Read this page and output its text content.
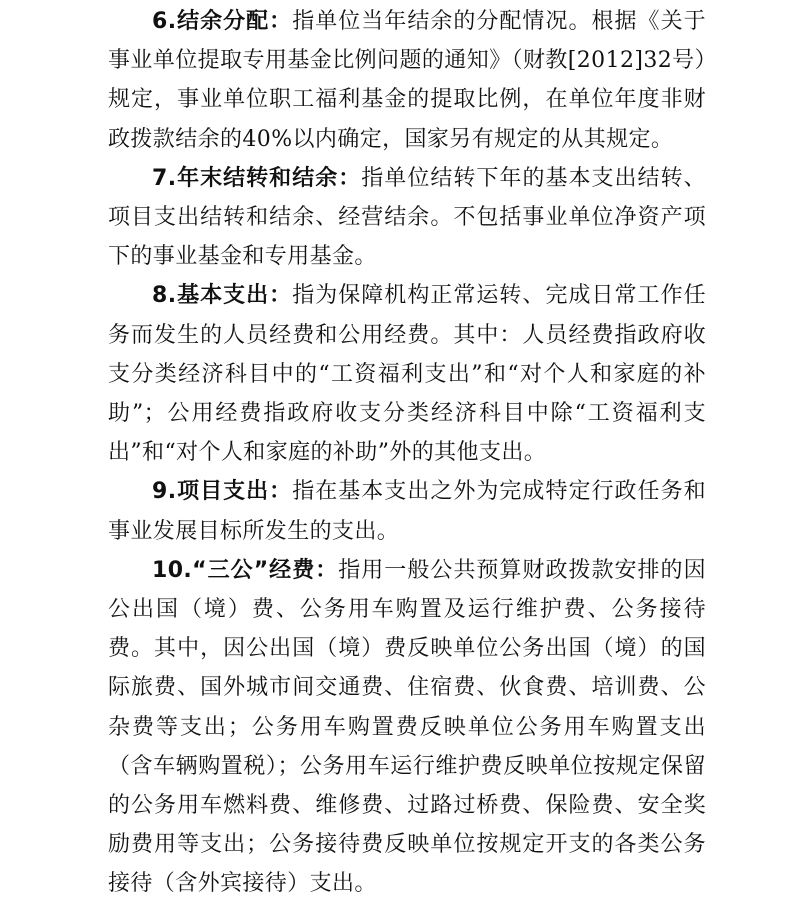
6.结余分配：指单位当年结余的分配情况。根据《关于事业单位提取专用基金比例问题的通知》（财教[2012]32号）规定，事业单位职工福利基金的提取比例，在单位年度非财政拨款结余的40%以内确定，国家另有规定的从其规定。

7.年末结转和结余：指单位结转下年的基本支出结转、项目支出结转和结余、经营结余。不包括事业单位净资产项下的事业基金和专用基金。

8.基本支出：指为保障机构正常运转、完成日常工作任务而发生的人员经费和公用经费。其中：人员经费指政府收支分类经济科目中的“工资福利支出”和“对个人和家庭的补助”；公用经费指政府收支分类经济科目中除“工资福利支出”和“对个人和家庭的补助”外的其他支出。

9.项目支出：指在基本支出之外为完成特定行政任务和事业发展目标所发生的支出。

10.“三公”经费：指用一般公共预算财政拨款安排的因公出国（境）费、公务用车购置及运行维护费、公务接待费。其中，因公出国（境）费反映单位公务出国（境）的国际旅费、国外城市间交通费、住宿费、伙食费、培训费、公杂费等支出；公务用车购置费反映单位公务用车购置支出（含车辆购置税）；公务用车运行维护费反映单位按规定保留的公务用车燃料费、维修费、过路过桥费、保险费、安全奖励费用等支出；公务接待费反映单位按规定开支的各类公务接待（含外宾接待）支出。
